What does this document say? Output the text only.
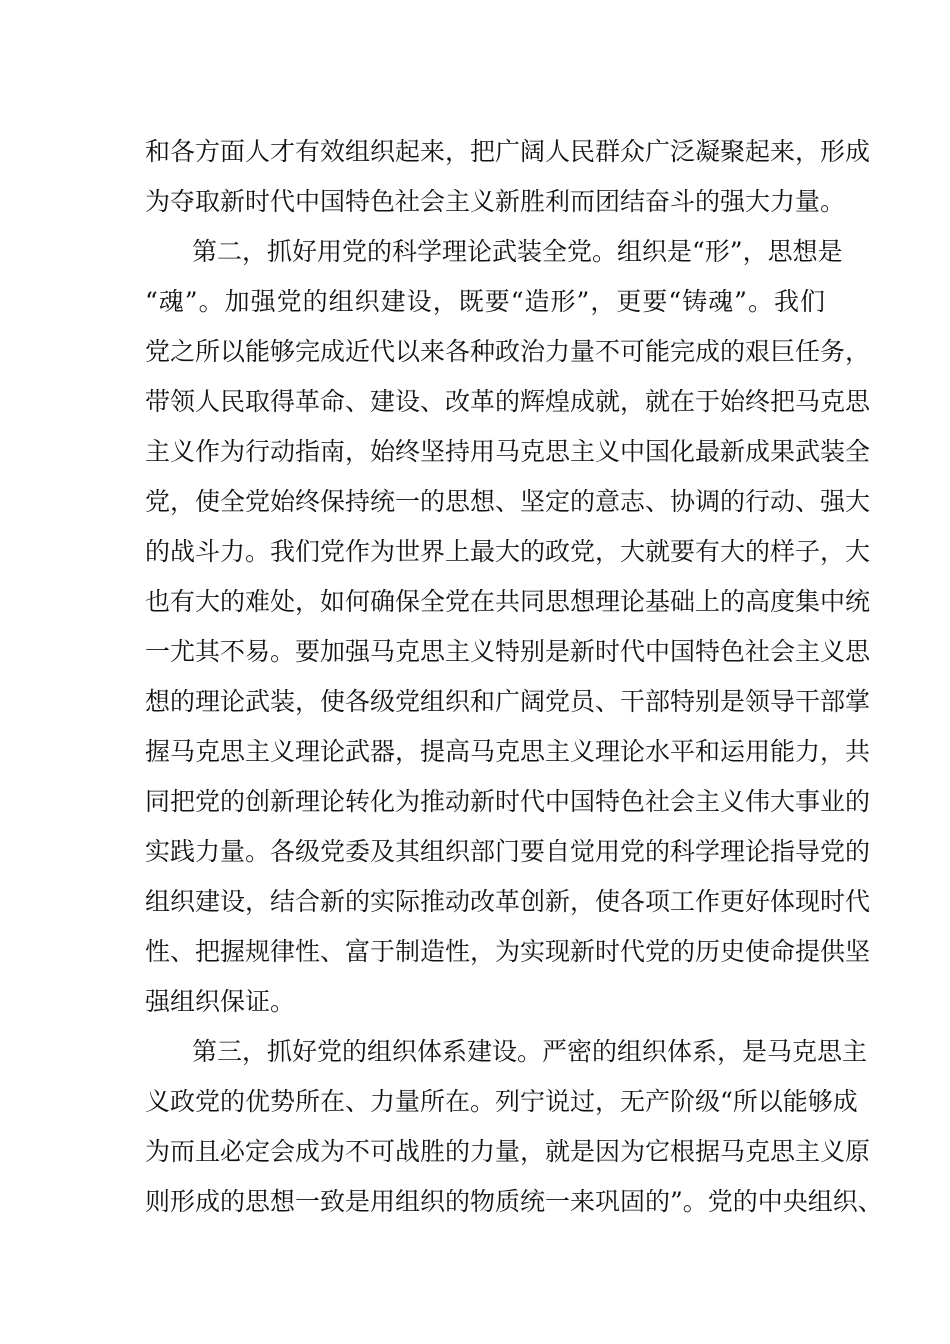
和各方面人才有效组织起来，把广阔人民群众广泛凝聚起来，形成
为夺取新时代中国特色社会主义新胜利而团结奋斗的强大力量。
第二，抓好用党的科学理论武装全党。组织是“形”，思想是
“魂”。加强党的组织建设，既要“造形”，更要“铸魂”。我们
党之所以能够完成近代以来各种政治力量不可能完成的艰巨任务，
带领人民取得革命、建设、改革的辉煌成就，就在于始终把马克思
主义作为行动指南，始终坚持用马克思主义中国化最新成果武装全
党，使全党始终保持统一的思想、坚定的意志、协调的行动、强大
的战斗力。我们党作为世界上最大的政党，大就要有大的样子，大
也有大的难处，如何确保全党在共同思想理论基础上的高度集中统
一尤其不易。要加强马克思主义特别是新时代中国特色社会主义思
想的理论武装，使各级党组织和广阔党员、干部特别是领导干部掌
握马克思主义理论武器，提高马克思主义理论水平和运用能力，共
同把党的创新理论转化为推动新时代中国特色社会主义伟大事业的
实践力量。各级党委及其组织部门要自觉用党的科学理论指导党的
组织建设，结合新的实际推动改革创新，使各项工作更好体现时代
性、把握规律性、富于制造性，为实现新时代党的历史使命提供坚
强组织保证。
第三，抓好党的组织体系建设。严密的组织体系，是马克思主
义政党的优势所在、力量所在。列宁说过，无产阶级“所以能够成
为而且必定会成为不可战胜的力量，就是因为它根据马克思主义原
则形成的思想一致是用组织的物质统一来巩固的”。党的中央组织、
